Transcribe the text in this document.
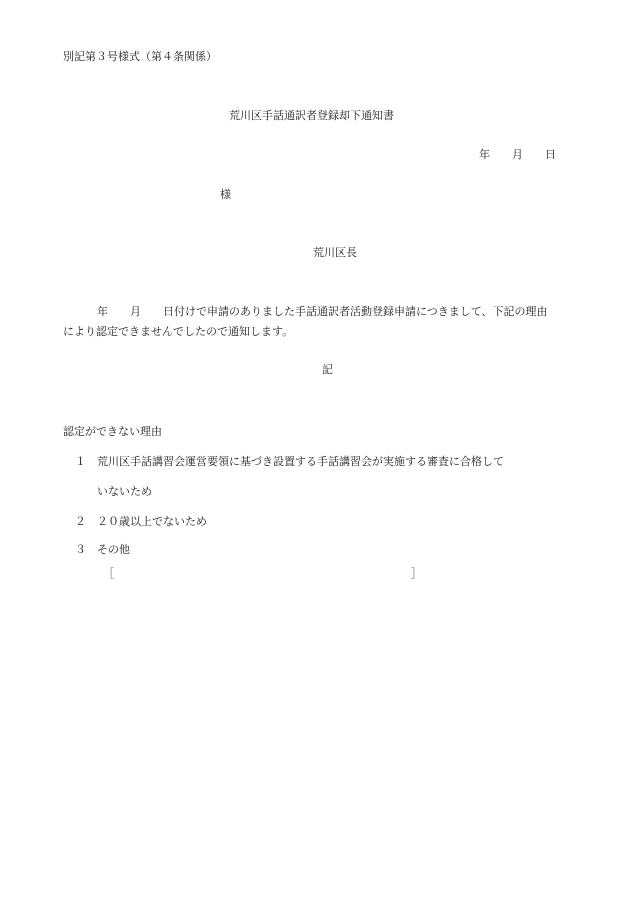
別記第３号様式（第４条関係）
荒川区手話通訳者登録却下通知書
年 月 日
様
荒川区長
年 月 日付けで申請のありました手話通訳者活動登録申請につきまして、下記の理由
により認定できませんでしたので通知します。
記
認定ができない理由
１ 荒川区手話講習会運営要領に基づき設置する手話講習会が実施する審査に合格して
いないため
２ ２０歳以上でないため
３ その他
［	］
